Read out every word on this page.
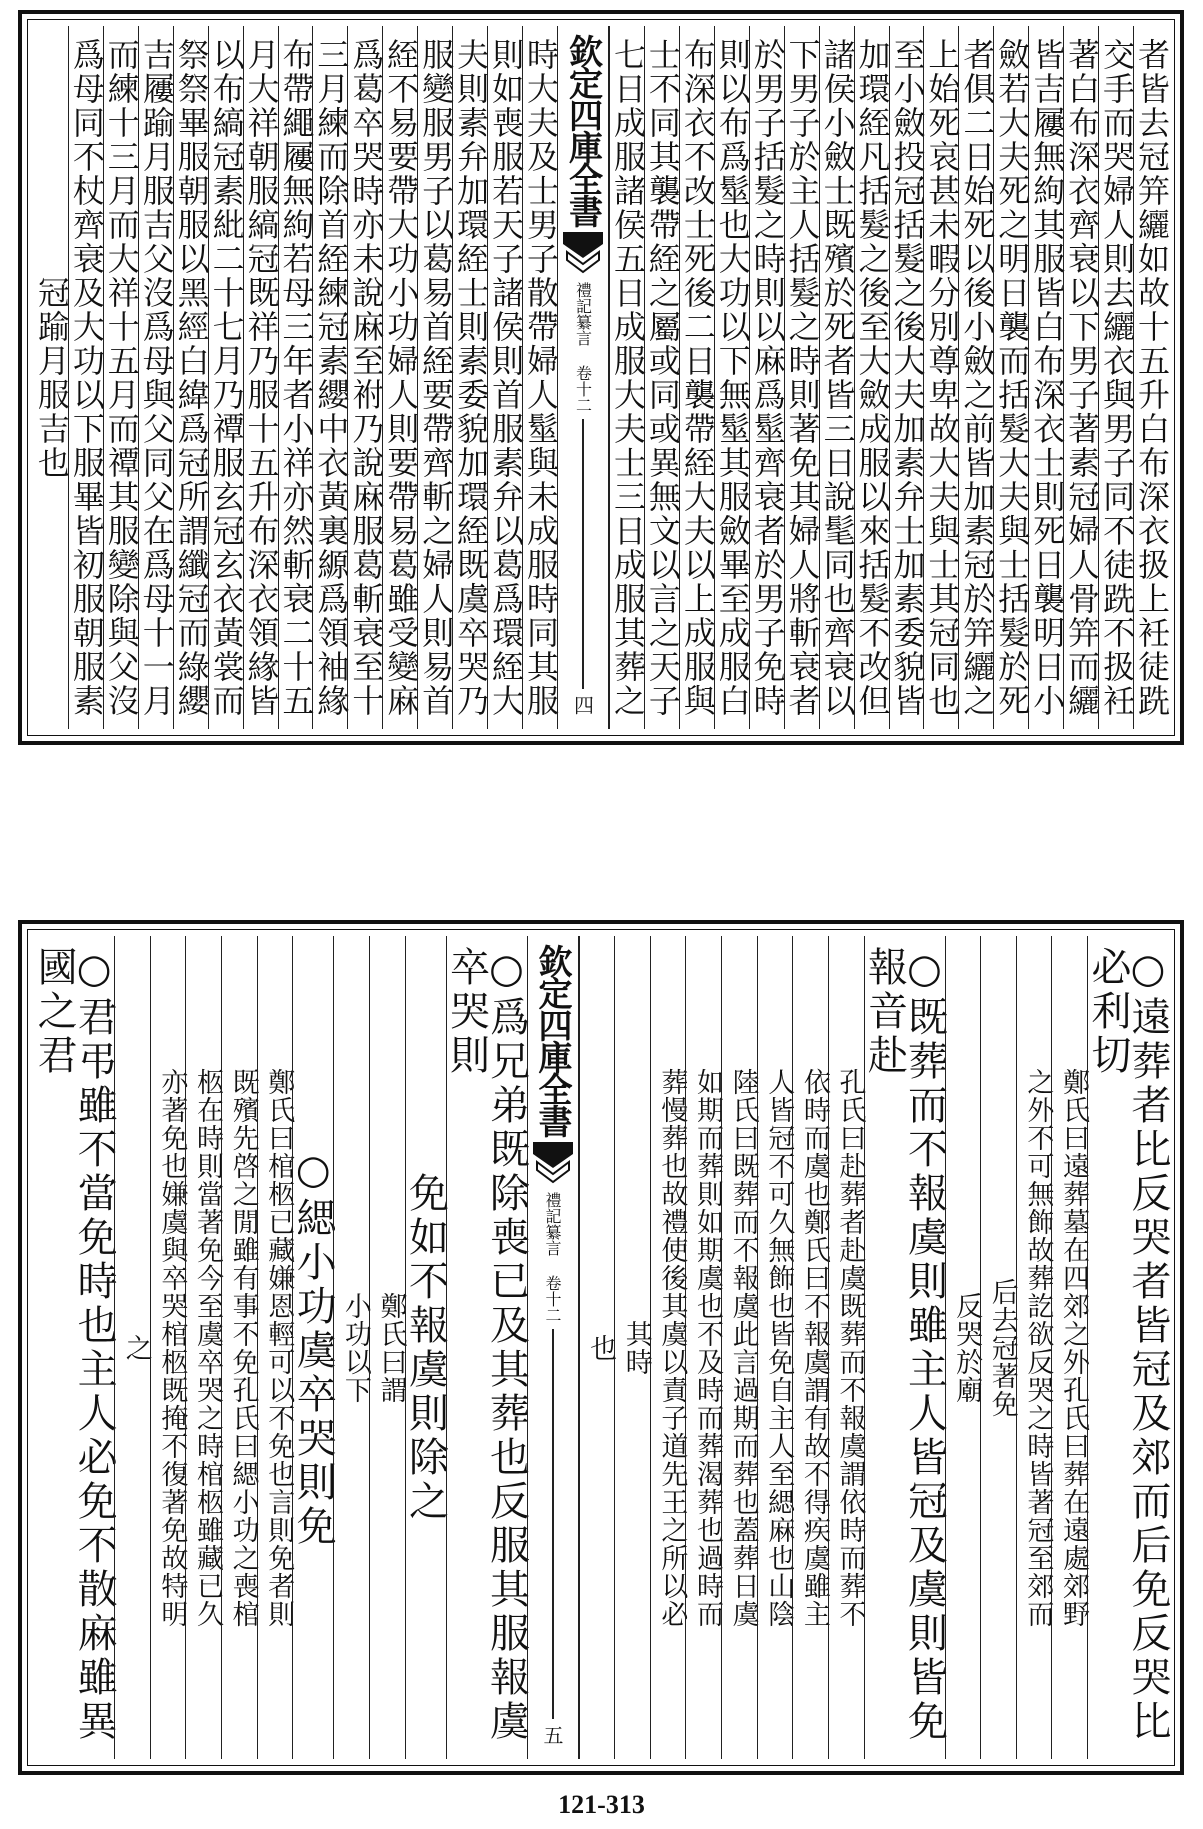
者皆去冠笄纚如故十五升白布深衣扱上衽徒跣
交手而哭婦人則去纚衣與男子同不徒跣不扱衽
著白布深衣齊衰以下男子著素冠婦人骨笄而纚
皆吉屨無絇其服皆白布深衣士則死日襲明日小
斂若大夫死之明日襲而括髮大夫與士括髮於死
者俱二日始死以後小斂之前皆加素冠於笄纚之
上始死哀甚未暇分別尊卑故大夫與士其冠同也
至小斂投冠括髮之後大夫加素弁士加素委貌皆
加環絰凡括髮之後至大斂成服以來括髮不改但
諸侯小斂士既殯於死者皆三日說髦同也齊衰以
下男子於主人括髮之時則著免其婦人將斬衰者
於男子括髮之時則以麻爲髽齊衰者於男子免時
則以布爲髽也大功以下無髽其服斂畢至成服白
布深衣不改士死後二日襲帶絰大夫以上成服與
士不同其襲帶絰之屬或同或異無文以言之天子
七日成服諸侯五日成服大夫士三日成服其葬之
欽定四庫全書
禮記纂言 卷十二
四
時大夫及士男子散帶婦人髽與未成服時同其服
則如喪服若天子諸侯則首服素弁以葛爲環絰大
夫則素弁加環絰士則素委貌加環絰既虞卒哭乃
服變服男子以葛易首絰要帶齊斬之婦人則易首
絰不易要帶大功小功婦人則要帶易葛雖受變麻
爲葛卒哭時亦未說麻至祔乃說麻服葛斬衰至十
三月練而除首絰練冠素纓中衣黃裏縓爲領袖緣
布帶繩屨無絇若母三年者小祥亦然斬衰二十五
月大祥朝服縞冠既祥乃服十五升布深衣領緣皆
以布縞冠素紕二十七月乃禫服玄冠玄衣黃裳而
祭祭畢服朝服以黑經白緯爲冠所謂纖冠而綠纓
吉屨踰月服吉父沒爲母與父同父在爲母十一月
而練十三月而大祥十五月而禫其服變除與父沒
爲母同不杖齊衰及大功以下服畢皆初服朝服素
冠踰月服吉也
○遠葬者比反哭者皆冠及郊而后免反哭比必利切
鄭氏曰遠葬墓在四郊之外孔氏曰葬在遠處郊野
之外不可無飾故葬訖欲反哭之時皆著冠至郊而
后去冠著免
反哭於廟
○既葬而不報虞則雖主人皆冠及虞則皆免報音赴
孔氏曰赴葬者赴虞既葬而不報虞謂依時而葬不
依時而虞也鄭氏曰不報虞謂有故不得疾虞雖主
人皆冠不可久無飾也皆免自主人至緦麻也山陰
陸氏曰既葬而不報虞此言過期而葬也蓋葬日虞
如期而葬則如期虞也不及時而葬渴葬也過時而
葬慢葬也故禮使後其虞以責子道先王之所以必
其時
也
欽定四庫全書
禮記纂言 卷十二
五
○爲兄弟既除喪已及其葬也反服其服報虞卒哭則
免如不報虞則除之
鄭氏曰謂
小功以下
○緦小功虞卒哭則免
鄭氏曰棺柩已藏嫌恩輕可以不免也言則免者則
既殯先啓之閒雖有事不免孔氏曰緦小功之喪棺
柩在時則當著免今至虞卒哭之時棺柩雖藏已久
亦著免也嫌虞與卒哭棺柩既掩不復著免故特明
之
○君弔雖不當免時也主人必免不散麻雖異國之君
121-313
